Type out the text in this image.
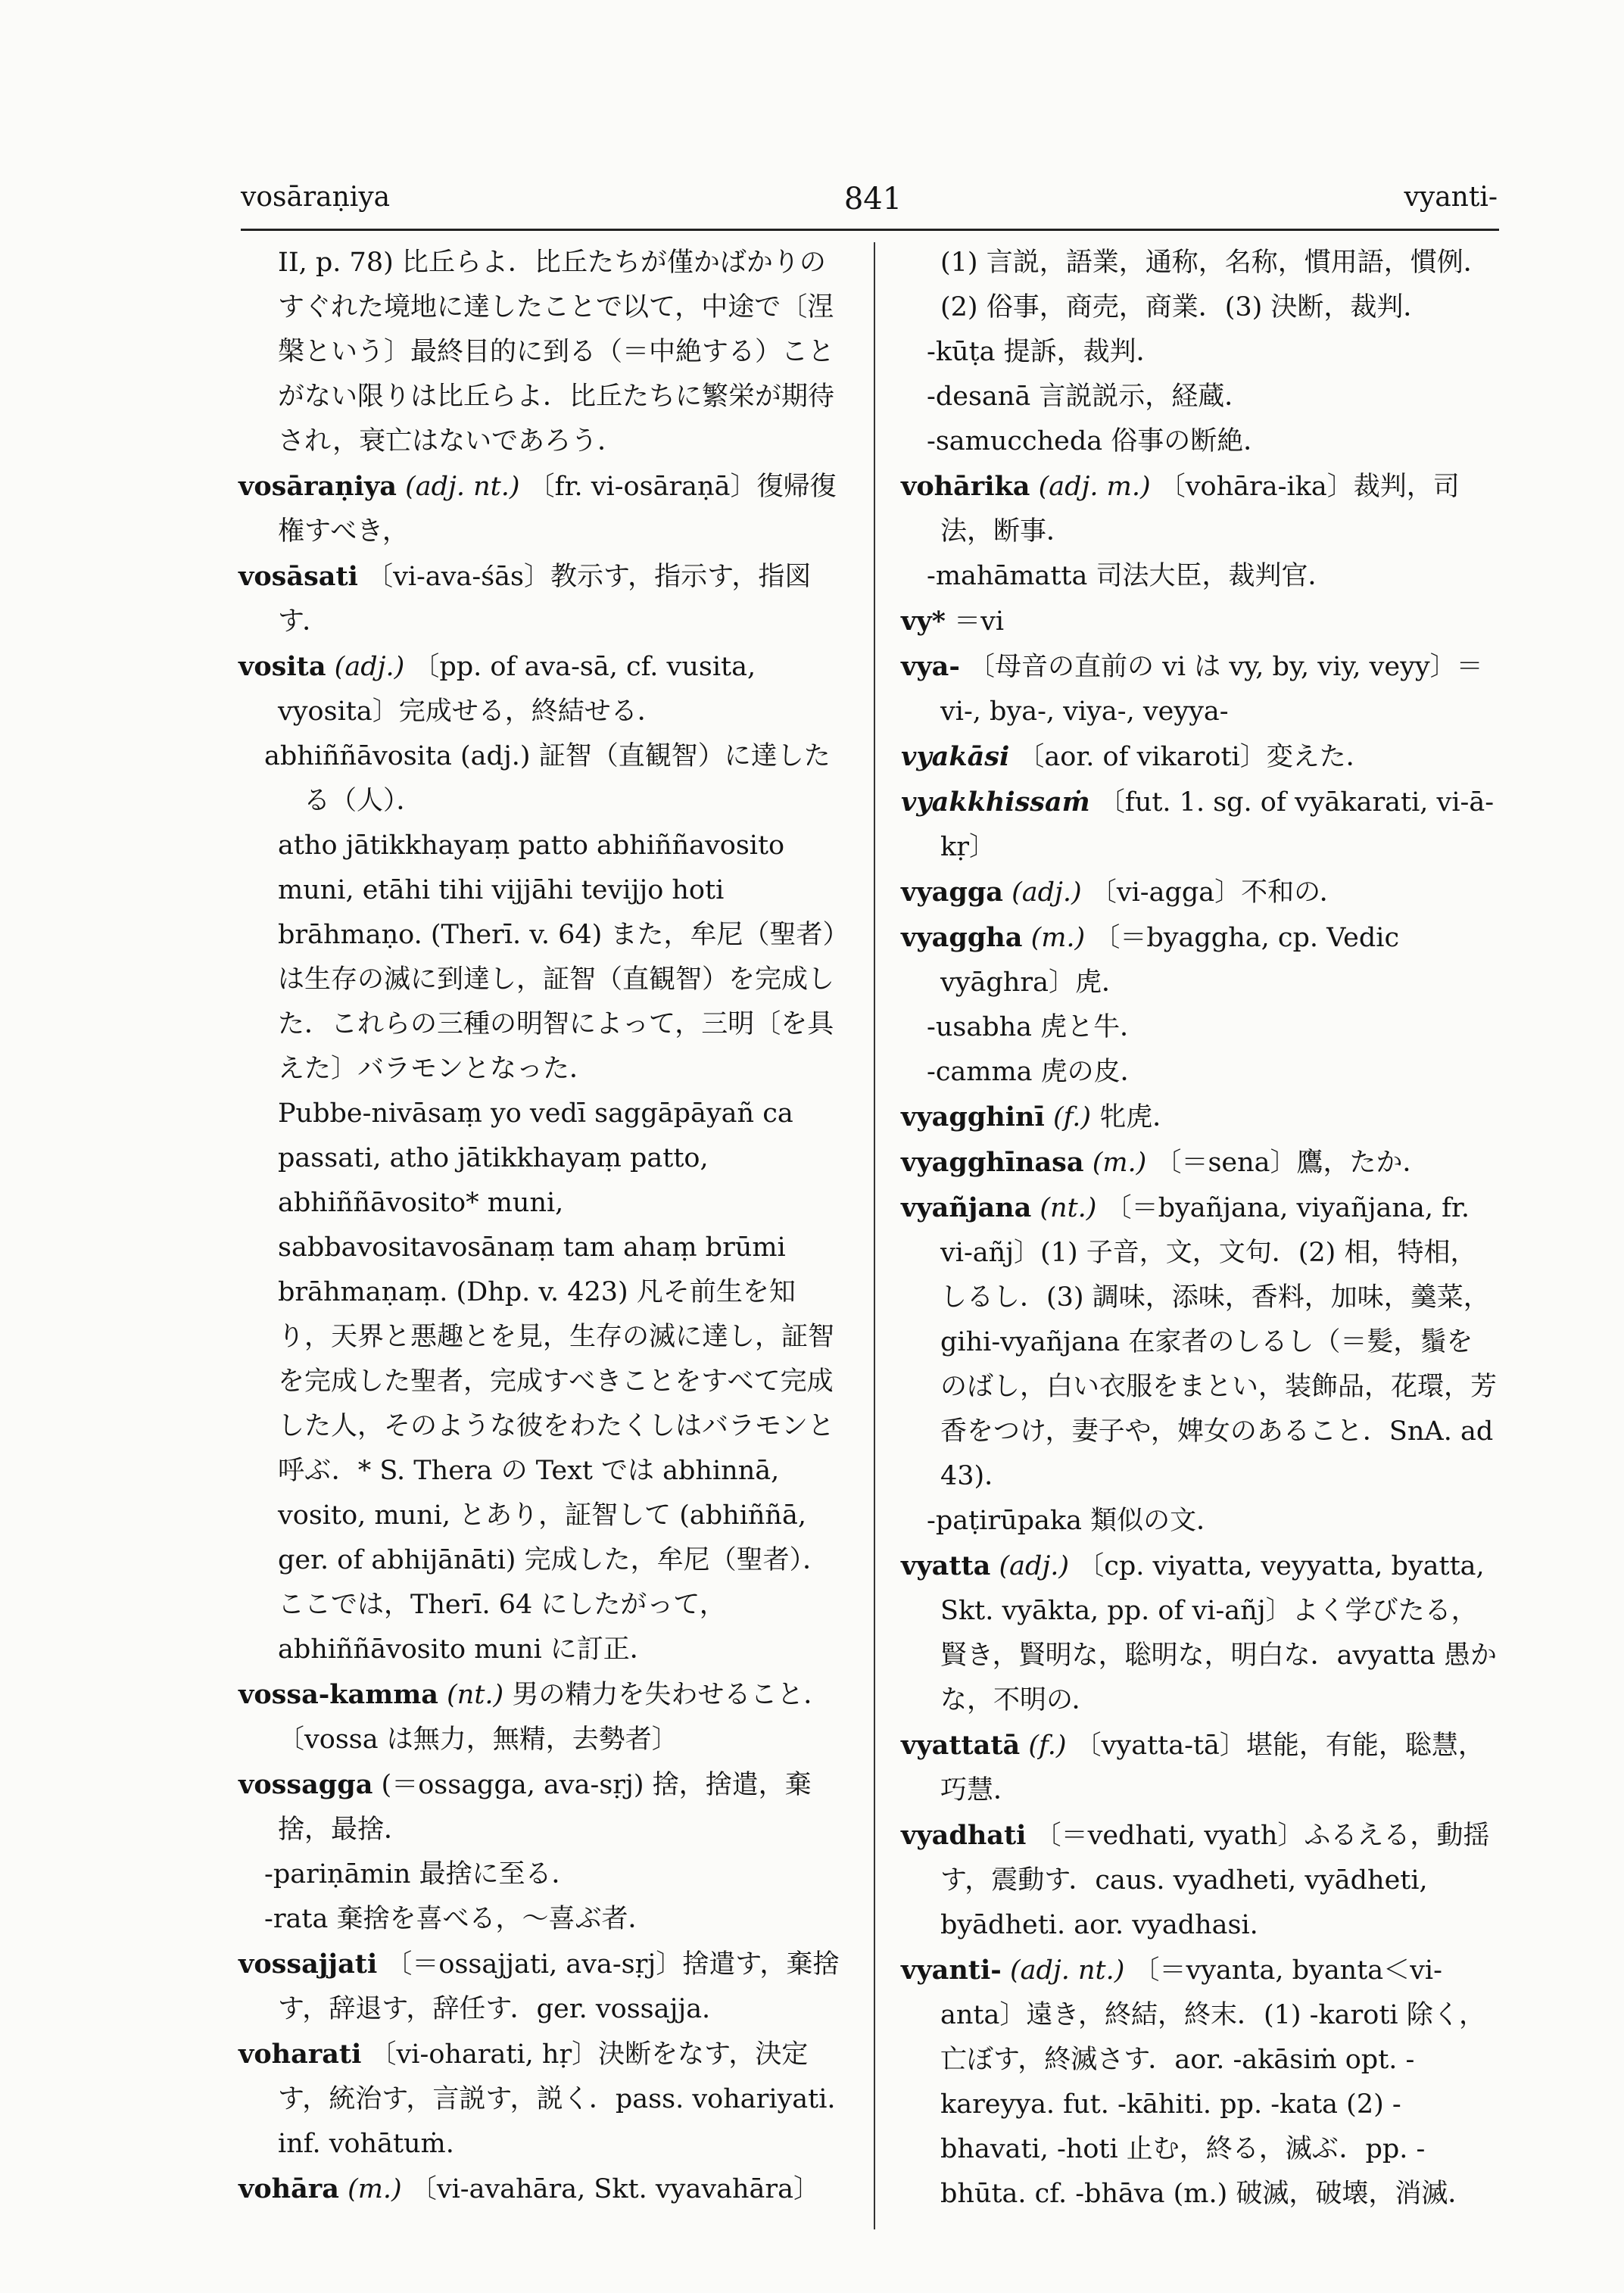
vosāraṇiya	841	vyanti-

II, p. 78) 比丘らよ．比丘たちが僅かばかりのすぐれた境地に達したことで以て，中途で〔涅槃という〕最終目的に到る（＝中絶する）ことがない限りは比丘らよ．比丘たちに繁栄が期待され，衰亡はないであろう．

vosāraṇiya (adj. nt.) 〔fr. vi-osāraṇā〕復帰復権すべき，

vosāsati 〔vi-ava-śās〕教示す，指示す，指図す．

vosita (adj.) 〔pp. of ava-sā, cf. vusita, vyosita〕完成せる，終結せる．

abhiññāvosita (adj.) 証智（直観智）に達したる（人）．

atho jātikkhayaṃ patto abhiññavosito muni, etāhi tihi vijjāhi tevijjo hoti brāhmaṇo. (Therī. v. 64) また，牟尼（聖者）は生存の滅に到達し，証智（直観智）を完成した．これらの三種の明智によって，三明〔を具えた〕バラモンとなった．

Pubbe-nivāsaṃ yo vedī saggāpāyañ ca passati, atho jātikkhayaṃ patto, abhiññāvosito* muni, sabbavositavosānaṃ tam ahaṃ brūmi brāhmaṇaṃ. (Dhp. v. 423) 凡そ前生を知り，天界と悪趣とを見，生存の滅に達し，証智を完成した聖者，完成すべきことをすべて完成した人，そのような彼をわたくしはバラモンと呼ぶ．* S. Thera の Text では abhinnā, vosito, muni, とあり，証智して (abhiññā, ger. of abhijānāti) 完成した，牟尼（聖者）．ここでは，Therī. 64 にしたがって，abhiññāvosito muni に訂正．

vossa-kamma (nt.) 男の精力を失わせること．〔vossa は無力，無精，去勢者〕

vossagga (＝ossagga, ava-sṛj) 捨，捨遣，棄捨，最捨．

-pariṇāmin 最捨に至る．

-rata 棄捨を喜べる，～喜ぶ者．

vossajjati 〔＝ossajjati, ava-sṛj〕捨遣す，棄捨す，辞退す，辞任す．ger. vossajja.

voharati 〔vi-oharati, hṛ〕決断をなす，決定す，統治す，言説す，説く．pass. vohariyati. inf. vohātuṁ.

vohāra (m.) 〔vi-avahāra, Skt. vyavahāra〕

(1) 言説，語業，通称，名称，慣用語，慣例．(2) 俗事，商売，商業．(3) 決断，裁判．

-kūṭa 提訴，裁判．

-desanā 言説説示，経蔵．

-samuccheda 俗事の断絶．

vohārika (adj. m.) 〔vohāra-ika〕裁判，司法，断事．

-mahāmatta 司法大臣，裁判官．

vy* ＝vi

vya- 〔母音の直前の vi は vy, by, viy, veyy〕＝vi-, bya-, viya-, veyya-

vyakāsi 〔aor. of vikaroti〕変えた．

vyakkhissaṁ 〔fut. 1. sg. of vyākarati, vi-ā-kṛ〕

vyagga (adj.) 〔vi-agga〕不和の．

vyaggha (m.) 〔＝byaggha, cp. Vedic vyāghra〕虎．

-usabha 虎と牛．

-camma 虎の皮．

vyagghinī (f.) 牝虎．

vyagghīnasa (m.) 〔＝sena〕鷹，たか．

vyañjana (nt.) 〔＝byañjana, viyañjana, fr. vi-añj〕(1) 子音，文，文句．(2) 相，特相，しるし．(3) 調味，添味，香料，加味，羹菜，gihi-vyañjana 在家者のしるし（＝髪，鬚をのばし，白い衣服をまとい，装飾品，花環，芳香をつけ，妻子や，婢女のあること．SnA. ad 43)．

-paṭirūpaka 類似の文．

vyatta (adj.) 〔cp. viyatta, veyyatta, byatta, Skt. vyākta, pp. of vi-añj〕よく学びたる，賢き，賢明な，聡明な，明白な．avyatta 愚かな，不明の．

vyattatā (f.) 〔vyatta-tā〕堪能，有能，聡慧，巧慧．

vyadhati 〔＝vedhati, vyath〕ふるえる，動揺す，震動す．caus. vyadheti, vyādheti, byādheti. aor. vyadhasi.

vyanti- (adj. nt.) 〔＝vyanta, byanta＜vi-anta〕遠き，終結，終末．(1) -karoti 除く，亡ぼす，終滅さす．aor. -akāsiṁ opt. -kareyya. fut. -kāhiti. pp. -kata (2) -bhavati, -hoti 止む，終る，滅ぶ．pp. -bhūta. cf. -bhāva (m.) 破滅，破壊，消滅．
